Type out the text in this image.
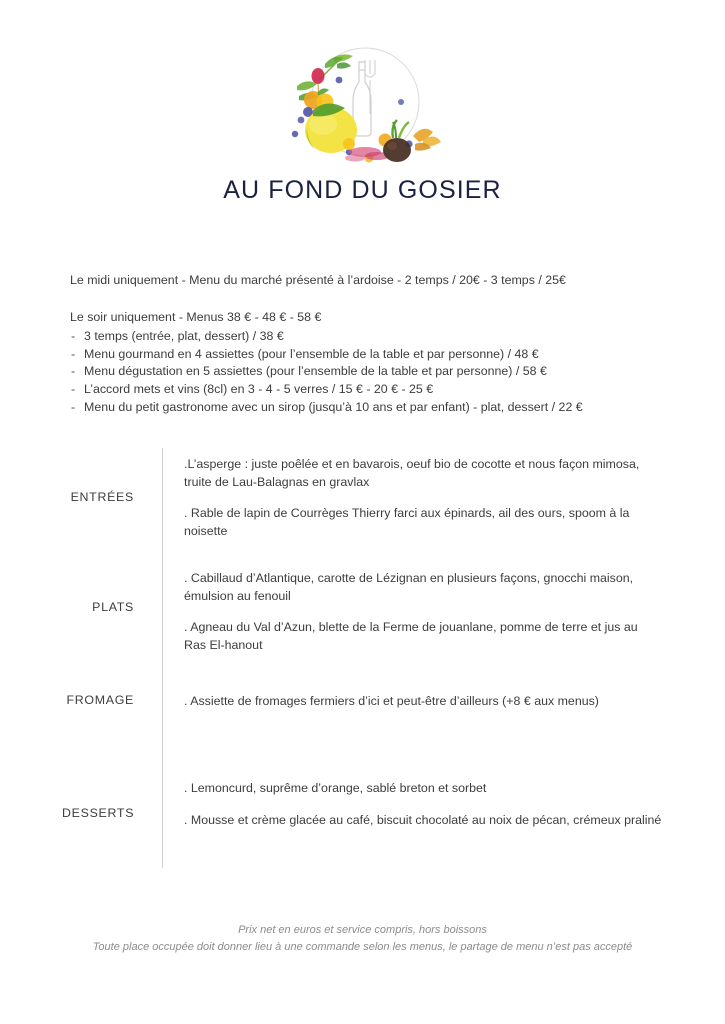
AU FOND DU GOSIER

Le midi uniquement - Menu du marché présenté à l’ardoise - 2 temps / 20€ - 3 temps / 25€

Le soir uniquement - Menus 38 € - 48 € - 58 €

- 3 temps (entrée, plat, dessert) / 38 €
- Menu gourmand en 4 assiettes (pour l’ensemble de la table et par personne) / 48 €
- Menu dégustation en 5 assiettes (pour l’ensemble de la table et par personne) / 58 €
- L’accord mets et vins (8cl) en 3 - 4 - 5 verres / 15 € - 20 € - 25 €
- Menu du petit gastronome avec un sirop (jusqu’à 10 ans et par enfant) - plat, dessert / 22 €
ENTRÉES
.L’asperge : juste poêlée et en bavarois, oeuf bio de cocotte et nous façon mimosa, truite de Lau-Balagnas en gravlax
. Rable de lapin de Courrèges Thierry farci aux épinards, ail des ours, spoom à la noisette
PLATS
. Cabillaud d’Atlantique, carotte de Lézignan en plusieurs façons, gnocchi maison, émulsion au fenouil
. Agneau du Val d’Azun, blette de la Ferme de jouanlane, pomme de terre et jus au Ras El-hanout
FROMAGE	. Assiette de fromages fermiers d’ici et peut-être d’ailleurs (+8 € aux menus)
DESSERTS
. Lemoncurd, suprême d’orange, sablé breton et sorbet
. Mousse et crème glacée au café, biscuit chocolaté au noix de pécan, crémeux praliné
Prix net en euros et service compris, hors boissons
Toute place occupée doit donner lieu à une commande selon les menus, le partage de menu n’est pas accepté
